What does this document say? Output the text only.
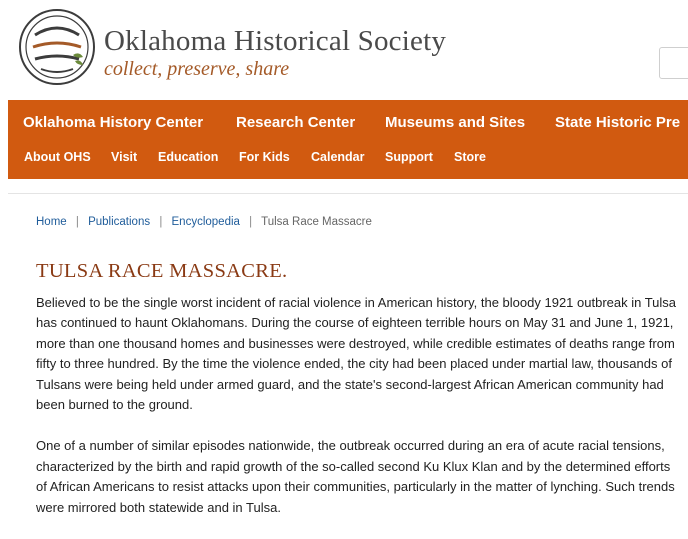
Oklahoma Historical Society
collect, preserve, share
Oklahoma History Center Research Center Museums and Sites State Historic Pre
About OHS Visit Education For Kids Calendar Support Store
Home | Publications | Encyclopedia | Tulsa Race Massacre
TULSA RACE MASSACRE.

Believed to be the single worst incident of racial violence in American history, the bloody 1921 outbreak in Tulsa has continued to haunt Oklahomans. During the course of eighteen terrible hours on May 31 and June 1, 1921, more than one thousand homes and businesses were destroyed, while credible estimates of deaths range from fifty to three hundred. By the time the violence ended, the city had been placed under martial law, thousands of Tulsans were being held under armed guard, and the state's second-largest African American community had been burned to the ground.

One of a number of similar episodes nationwide, the outbreak occurred during an era of acute racial tensions, characterized by the birth and rapid growth of the so-called second Ku Klux Klan and by the determined efforts of African Americans to resist attacks upon their communities, particularly in the matter of lynching. Such trends were mirrored both statewide and in Tulsa.
